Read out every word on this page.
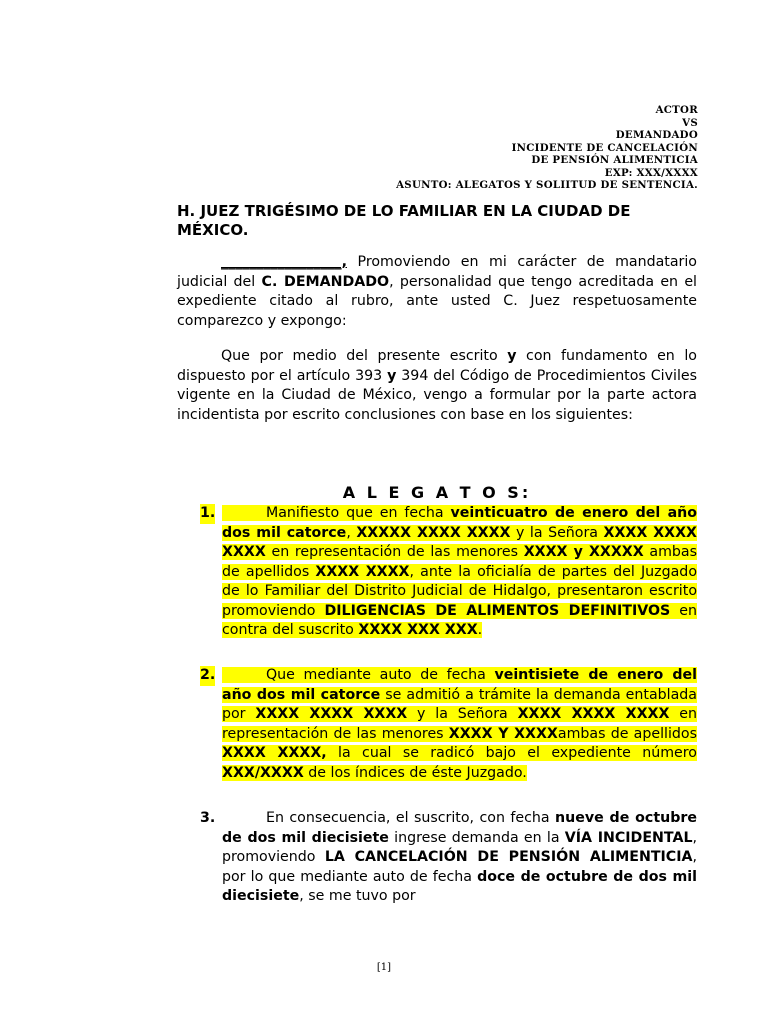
ACTOR
VS
DEMANDADO
INCIDENTE DE CANCELACIÓN
DE PENSIÓN ALIMENTICIA
EXP: XXX/XXXX
ASUNTO: ALEGATOS Y SOLIITUD DE SENTENCIA.
H. JUEZ TRIGÉSIMO DE LO FAMILIAR EN LA CIUDAD DE MÉXICO.
_________________, Promoviendo en mi carácter de mandatario judicial del C. DEMANDADO, personalidad que tengo acreditada en el expediente citado al rubro, ante usted C. Juez respetuosamente comparezco y expongo:
Que por medio del presente escrito y con fundamento en lo dispuesto por el artículo 393 y 394 del Código de Procedimientos Civiles vigente en la Ciudad de México, vengo a formular por la parte actora incidentista por escrito conclusiones con base en los siguientes:
A L E G A T O S:
1.	Manifiesto que en fecha veinticuatro de enero del año dos mil catorce, XXXXX XXXX XXXX y la Señora XXXX XXXX XXXX en representación de las menores XXXX y XXXXX ambas de apellidos XXXX XXXX, ante la oficialía de partes del Juzgado de lo Familiar del Distrito Judicial de Hidalgo, presentaron escrito promoviendo DILIGENCIAS DE ALIMENTOS DEFINITIVOS en contra del suscrito XXXX XXX XXX.
2.	Que mediante auto de fecha veintisiete de enero del año dos mil catorce se admitió a trámite la demanda entablada por XXXX XXXX XXXX y la Señora XXXX XXXX XXXX en representación de las menores XXXX Y XXXXambas de apellidos XXXX XXXX, la cual se radicó bajo el expediente número XXX/XXXX de los índices de éste Juzgado.
3.	En consecuencia, el suscrito, con fecha nueve de octubre de dos mil diecisiete ingrese demanda en la VÍA INCIDENTAL, promoviendo LA CANCELACIÓN DE PENSIÓN ALIMENTICIA, por lo que mediante auto de fecha doce de octubre de dos mil diecisiete, se me tuvo por
[1]
